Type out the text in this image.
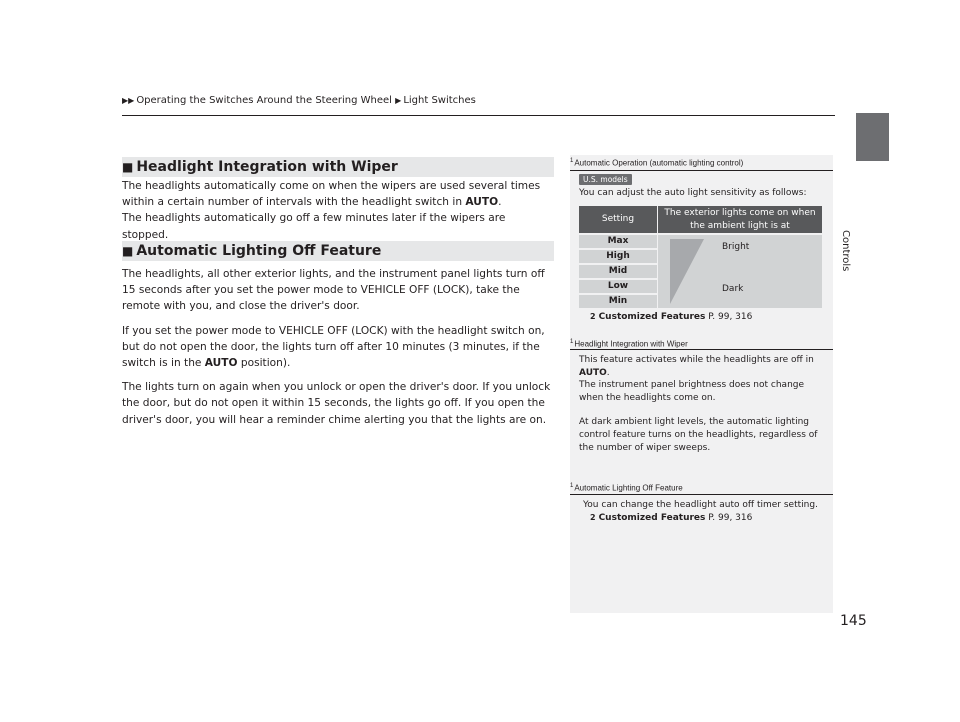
▶▶ Operating the Switches Around the Steering Wheel ▶ Light Switches
Controls
145
■ Headlight Integration with Wiper

The headlights automatically come on when the wipers are used several times within a certain number of intervals with the headlight switch in AUTO.

The headlights automatically go off a few minutes later if the wipers are stopped.

■ Automatic Lighting Off Feature

The headlights, all other exterior lights, and the instrument panel lights turn off 15 seconds after you set the power mode to VEHICLE OFF (LOCK), take the remote with you, and close the driver's door.

If you set the power mode to VEHICLE OFF (LOCK) with the headlight switch on, but do not open the door, the lights turn off after 10 minutes (3 minutes, if the switch is in the AUTO position).

The lights turn on again when you unlock or open the driver's door. If you unlock the door, but do not open it within 15 seconds, the lights go off. If you open the driver's door, you will hear a reminder chime alerting you that the lights are on.

$^1$Automatic Operation (automatic lighting control)
U.S. models
You can adjust the auto light sensitivity as follows:
Setting
The exterior lights come on when the ambient light is at
Max
High
Mid
Low
Min
Bright
Dark
2 Customized Features P. 99, 316
$^1$Headlight Integration with Wiper
This feature activates while the headlights are off in AUTO.
The instrument panel brightness does not change when the headlights come on.
At dark ambient light levels, the automatic lighting control feature turns on the headlights, regardless of the number of wiper sweeps.
$^1$Automatic Lighting Off Feature
You can change the headlight auto off timer setting.
2 Customized Features P. 99, 316
